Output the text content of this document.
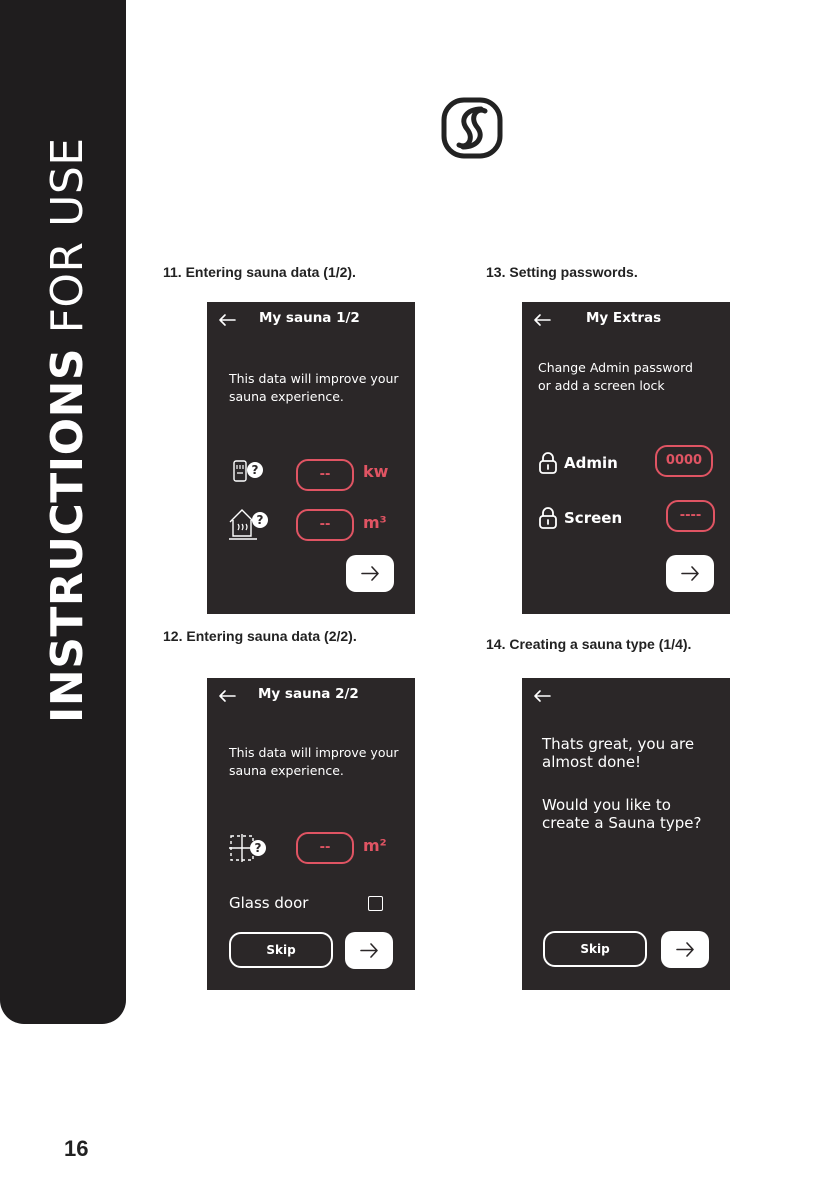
INSTRUCTIONS FOR USE	11. Entering sauna data (1/2).
12. Entering sauna data (2/2).
13. Setting passwords.
14. Creating a sauna type (1/4).
My sauna 1/2
This data will improve your sauna experience.
?	--	kw
?	--	m³
My sauna 2/2
This data will improve your sauna experience.
?	--	m²
Glass door
Skip
My Extras
Change Admin password or add a screen lock
Admin	0000
Screen	----
Thats great, you are almost done!
Would you like to create a Sauna type?
Skip
16
